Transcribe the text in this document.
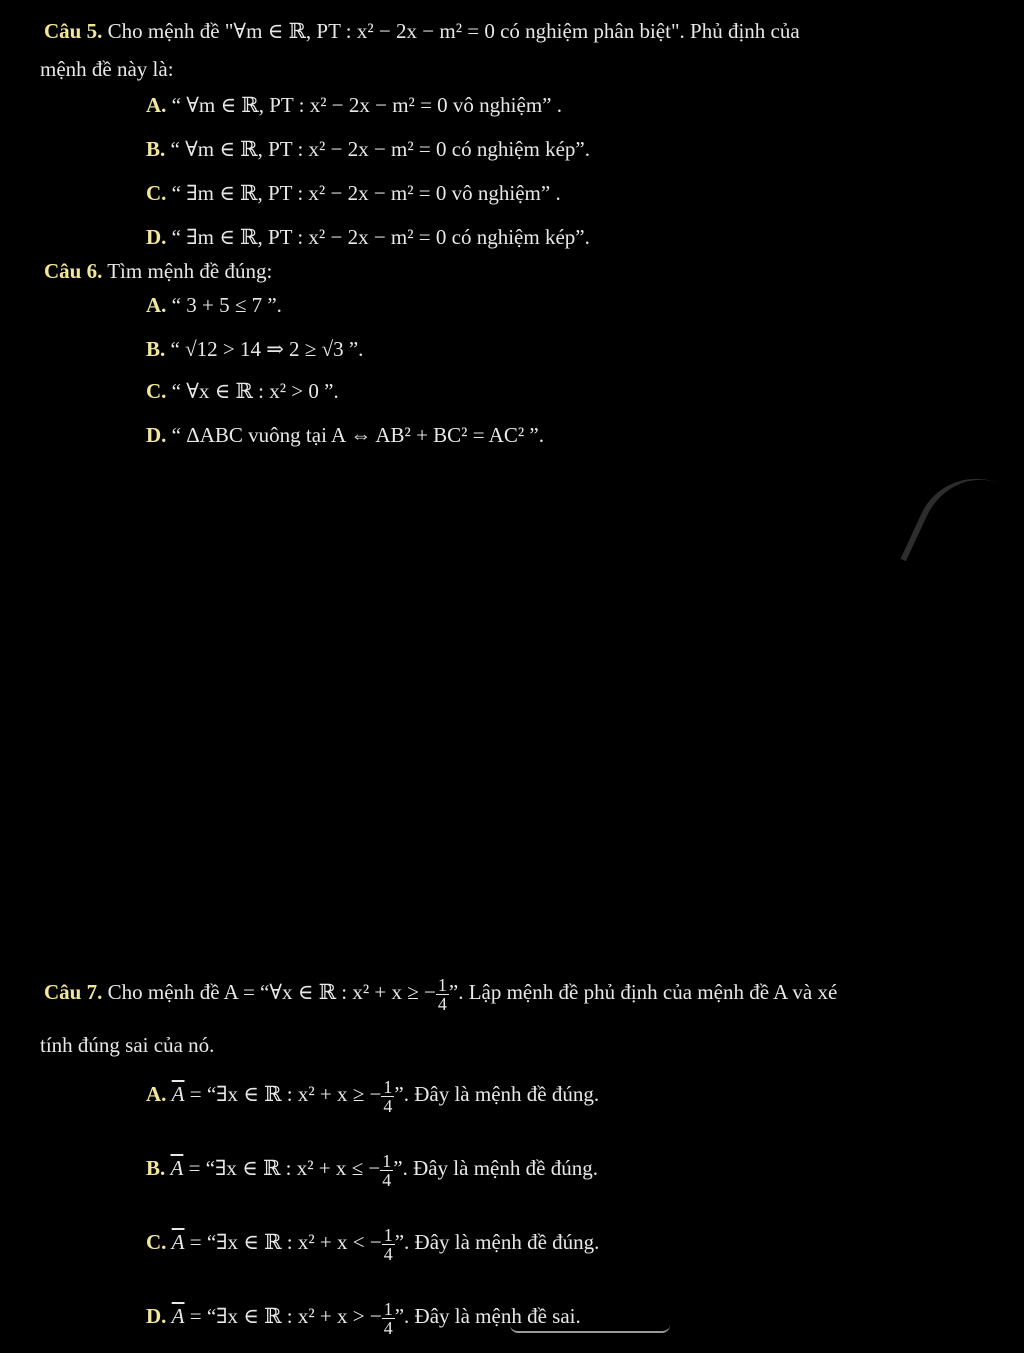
Câu 5. Cho mệnh đề "∀m ∈ ℝ, PT : x² − 2x − m² = 0 có nghiệm phân biệt". Phủ định của
mệnh đề này là:
A. “ ∀m ∈ ℝ, PT : x² − 2x − m² = 0 vô nghiệm” .
B. “ ∀m ∈ ℝ, PT : x² − 2x − m² = 0 có nghiệm kép”.
C. “ ∃m ∈ ℝ, PT : x² − 2x − m² = 0 vô nghiệm” .
D. “ ∃m ∈ ℝ, PT : x² − 2x − m² = 0 có nghiệm kép”.
Câu 6. Tìm mệnh đề đúng:
A. “ 3 + 5 ≤ 7 ”.
B. “ √12 > 14 ⇒ 2 ≥ √3 ”.
C. “ ∀x ∈ ℝ : x² > 0 ”.
D. “ ΔABC vuông tại A ⇔ AB² + BC² = AC² ”.
Câu 7. Cho mệnh đề A = “∀x ∈ ℝ : x² + x ≥ − $\frac{1}{4}$ ”. Lập mệnh đề phủ định của mệnh đề A và xé
tính đúng sai của nó.
A. $\overline{A}$ = “∃x ∈ ℝ : x² + x ≥ − $\frac{1}{4}$ ”. Đây là mệnh đề đúng.
B. $\overline{A}$ = “∃x ∈ ℝ : x² + x ≤ − $\frac{1}{4}$ ”. Đây là mệnh đề đúng.
C. $\overline{A}$ = “∃x ∈ ℝ : x² + x < − $\frac{1}{4}$ ”. Đây là mệnh đề đúng.
D. $\overline{A}$ = “∃x ∈ ℝ : x² + x > − $\frac{1}{4}$ ”. Đây là mệnh đề sai.
